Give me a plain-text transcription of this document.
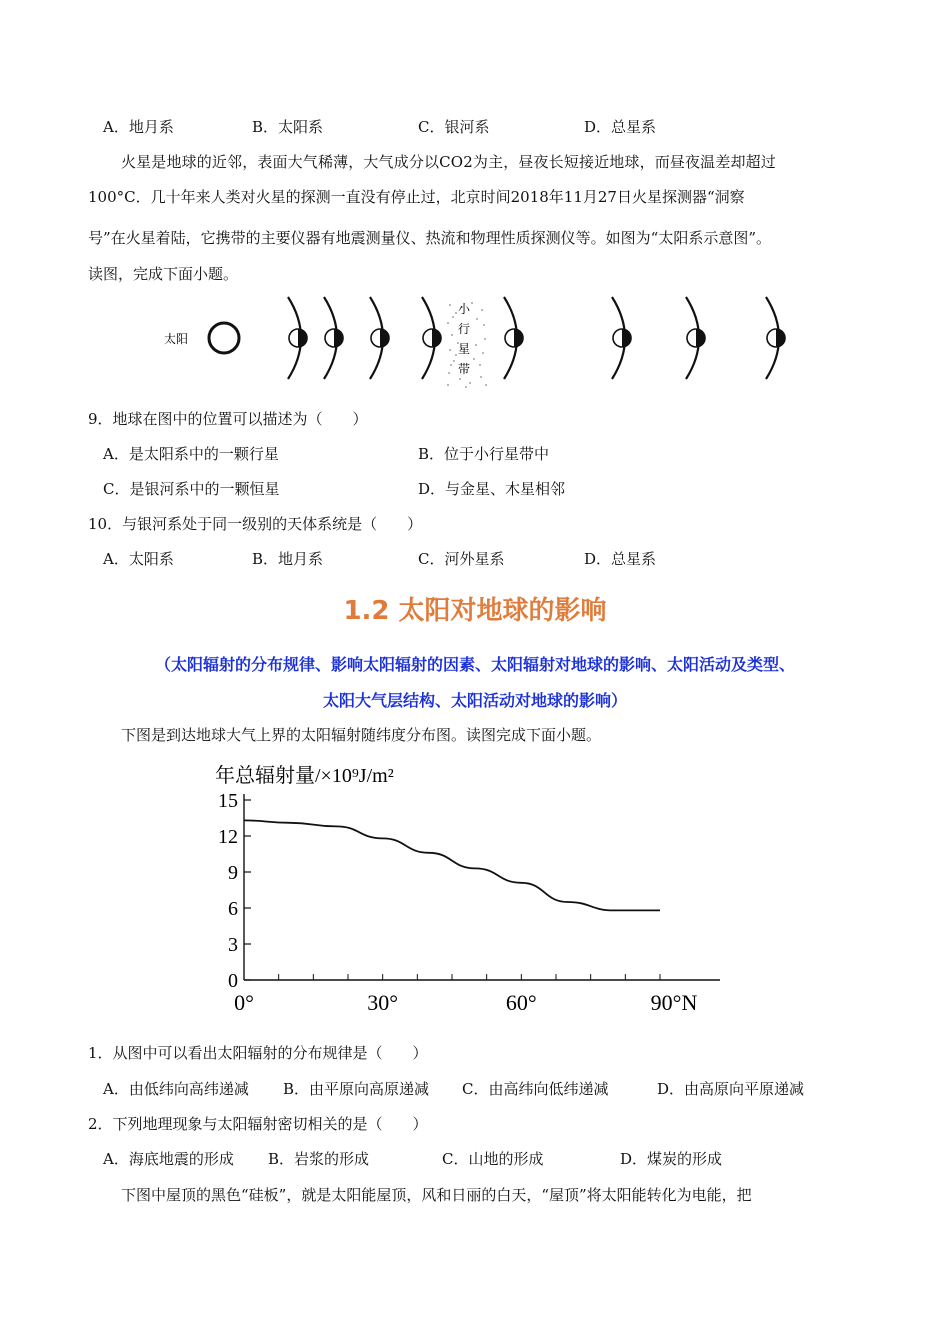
A．地月系	B．太阳系	C．银河系	D．总星系
火星是地球的近邻，表面大气稀薄，大气成分以CO2为主，昼夜长短接近地球，而昼夜温差却超过
100°C．几十年来人类对火星的探测一直没有停止过，北京时间2018年11月27日火星探测器“洞察
号”在火星着陆，它携带的主要仪器有地震测量仪、热流和物理性质探测仪等。如图为“太阳系示意图”。
读图，完成下面小题。
太阳
小
行
星
带
小行星带
9．地球在图中的位置可以描述为（　　）
A．是太阳系中的一颗行星	B．位于小行星带中
C．是银河系中的一颗恒星	D．与金星、木星相邻
10．与银河系处于同一级别的天体系统是（　　）
A．太阳系	B．地月系	C．河外星系	D．总星系
1.2 太阳对地球的影响
（太阳辐射的分布规律、影响太阳辐射的因素、太阳辐射对地球的影响、太阳活动及类型、
太阳大气层结构、太阳活动对地球的影响）
下图是到达地球大气上界的太阳辐射随纬度分布图。读图完成下面小题。
年总辐射量/×10⁹J/m²
0
3
6
9
12
15
0°	30°	60°	90°N
1．从图中可以看出太阳辐射的分布规律是（　　）
A．由低纬向高纬递减 B．由平原向高原递减 C．由高纬向低纬递减	D．由高原向平原递减
2．下列地理现象与太阳辐射密切相关的是（　　）
A．海底地震的形成 B．岩浆的形成	C．山地的形成	D．煤炭的形成
下图中屋顶的黑色“硅板”，就是太阳能屋顶，风和日丽的白天，“屋顶”将太阳能转化为电能，把
